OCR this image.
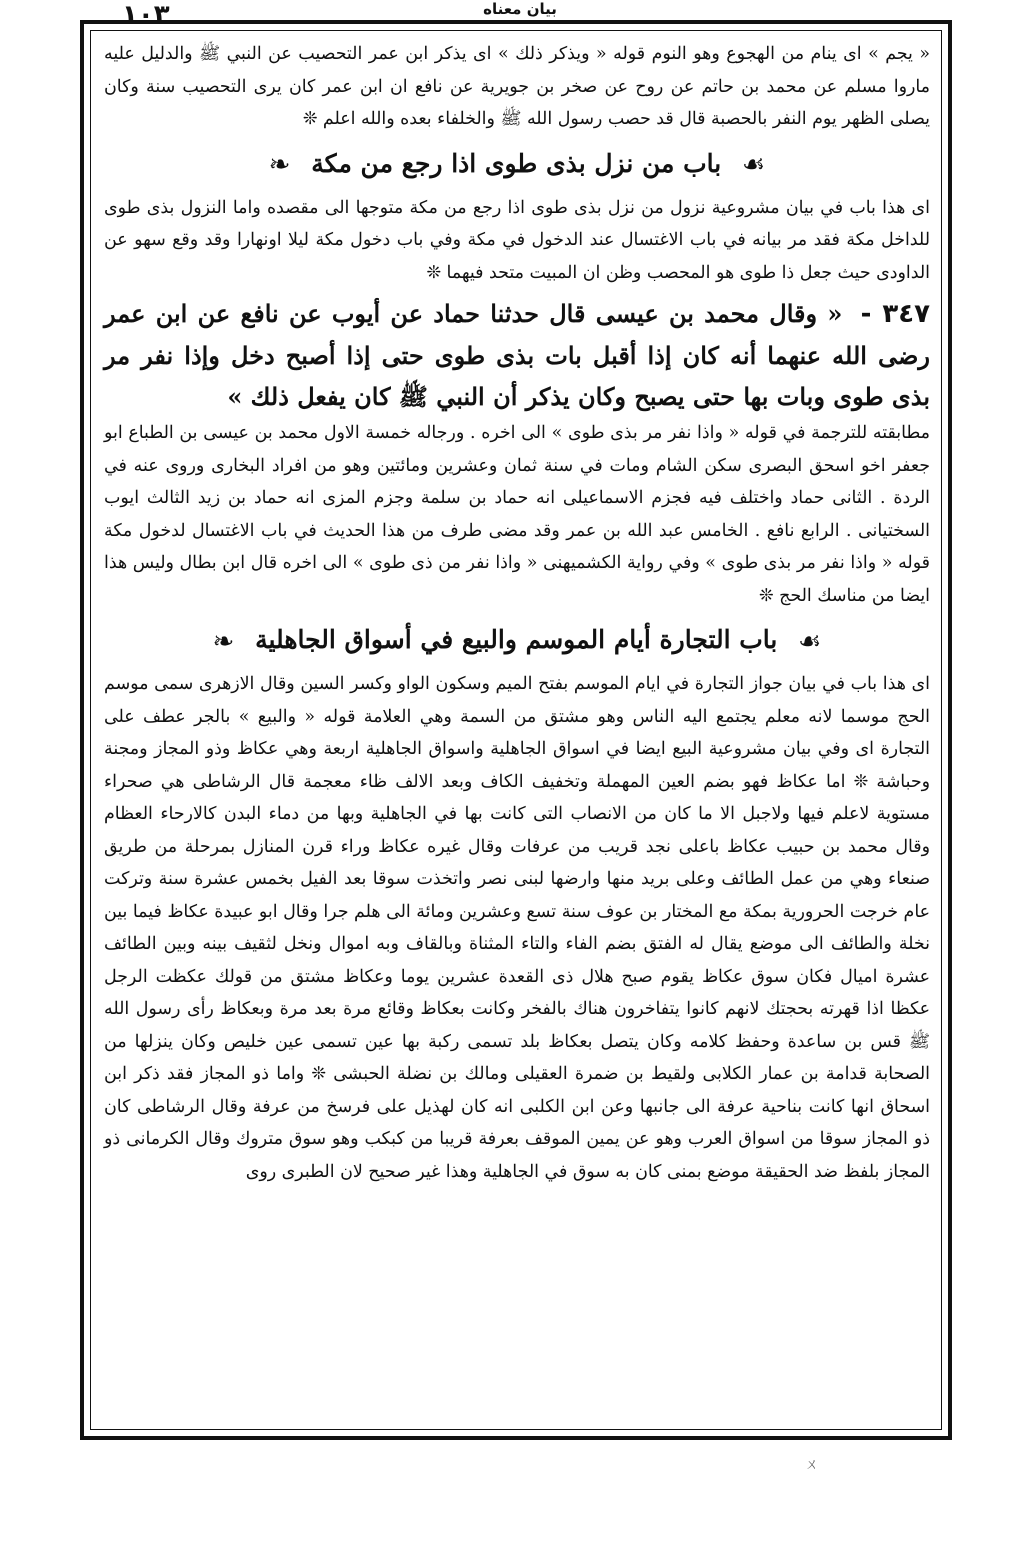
١٠٣	بيان معناه

« يجم » اى ينام من الهجوع وهو النوم قوله « ويذكر ذلك » اى يذكر ابن عمر التحصيب عن النبي ﷺ والدليل عليه ماروا مسلم عن محمد بن حاتم عن روح عن صخر بن جويرية عن نافع ان ابن عمر كان يرى التحصيب سنة وكان يصلى الظهر يوم النفر بالحصبة قال قد حصب رسول الله ﷺ والخلفاء بعده والله اعلم ❊

☙ باب من نزل بذى طوى اذا رجع من مكة ❧

اى هذا باب في بيان مشروعية نزول من نزل بذى طوى اذا رجع من مكة متوجها الى مقصده واما النزول بذى طوى للداخل مكة فقد مر بيانه في باب الاغتسال عند الدخول في مكة وفي باب دخول مكة ليلا اونهارا وقد وقع سهو عن الداودى حيث جعل ذا طوى هو المحصب وظن ان المبيت متحد فيهما ❊

٣٤٧ - « وقال محمد بن عيسى قال حدثنا حماد عن أيوب عن نافع عن ابن عمر رضى الله عنهما أنه كان إذا أقبل بات بذى طوى حتى إذا أصبح دخل وإذا نفر مر بذى طوى وبات بها حتى يصبح وكان يذكر أن النبي ﷺ كان يفعل ذلك »

مطابقته للترجمة في قوله « واذا نفر مر بذى طوى » الى اخره . ورجاله خمسة الاول محمد بن عيسى بن الطباع ابو جعفر اخو اسحق البصرى سكن الشام ومات في سنة ثمان وعشرين ومائتين وهو من افراد البخارى وروى عنه في الردة . الثانى حماد واختلف فيه فجزم الاسماعيلى انه حماد بن سلمة وجزم المزى انه حماد بن زيد الثالث ايوب السختيانى . الرابع نافع . الخامس عبد الله بن عمر وقد مضى طرف من هذا الحديث في باب الاغتسال لدخول مكة قوله « واذا نفر مر بذى طوى » وفي رواية الكشميهنى « واذا نفر من ذى طوى » الى اخره قال ابن بطال وليس هذا ايضا من مناسك الحج ❊

☙ باب التجارة أيام الموسم والبيع في أسواق الجاهلية ❧

اى هذا باب في بيان جواز التجارة في ايام الموسم بفتح الميم وسكون الواو وكسر السين وقال الازهرى سمى موسم الحج موسما لانه معلم يجتمع اليه الناس وهو مشتق من السمة وهي العلامة قوله « والبيع » بالجر عطف على التجارة اى وفي بيان مشروعية البيع ايضا في اسواق الجاهلية واسواق الجاهلية اربعة وهي عكاظ وذو المجاز ومجنة وحباشة ❊ اما عكاظ فهو بضم العين المهملة وتخفيف الكاف وبعد الالف ظاء معجمة قال الرشاطى هي صحراء مستوية لاعلم فيها ولاجبل الا ما كان من الانصاب التى كانت بها في الجاهلية وبها من دماء البدن كالارحاء العظام وقال محمد بن حبيب عكاظ باعلى نجد قريب من عرفات وقال غيره عكاظ وراء قرن المنازل بمرحلة من طريق صنعاء وهي من عمل الطائف وعلى بريد منها وارضها لبنى نصر واتخذت سوقا بعد الفيل بخمس عشرة سنة وتركت عام خرجت الحرورية بمكة مع المختار بن عوف سنة تسع وعشرين ومائة الى هلم جرا وقال ابو عبيدة عكاظ فيما بين نخلة والطائف الى موضع يقال له الفتق بضم الفاء والتاء المثناة وبالقاف وبه اموال ونخل لثقيف بينه وبين الطائف عشرة اميال فكان سوق عكاظ يقوم صبح هلال ذى القعدة عشرين يوما وعكاظ مشتق من قولك عكظت الرجل عكظا اذا قهرته بحجتك لانهم كانوا يتفاخرون هناك بالفخر وكانت بعكاظ وقائع مرة بعد مرة وبعكاظ رأى رسول الله ﷺ قس بن ساعدة وحفظ كلامه وكان يتصل بعكاظ بلد تسمى ركبة بها عين تسمى عين خليص وكان ينزلها من الصحابة قدامة بن عمار الكلابى ولقيط بن ضمرة العقيلى ومالك بن نضلة الحبشى ❊ واما ذو المجاز فقد ذكر ابن اسحاق انها كانت بناحية عرفة الى جانبها وعن ابن الكلبى انه كان لهذيل على فرسخ من عرفة وقال الرشاطى كان ذو المجاز سوقا من اسواق العرب وهو عن يمين الموقف بعرفة قريبا من كبكب وهو سوق متروك وقال الكرمانى ذو المجاز بلفظ ضد الحقيقة موضع بمنى كان به سوق في الجاهلية وهذا غير صحيح لان الطبرى روى

ㄨ
